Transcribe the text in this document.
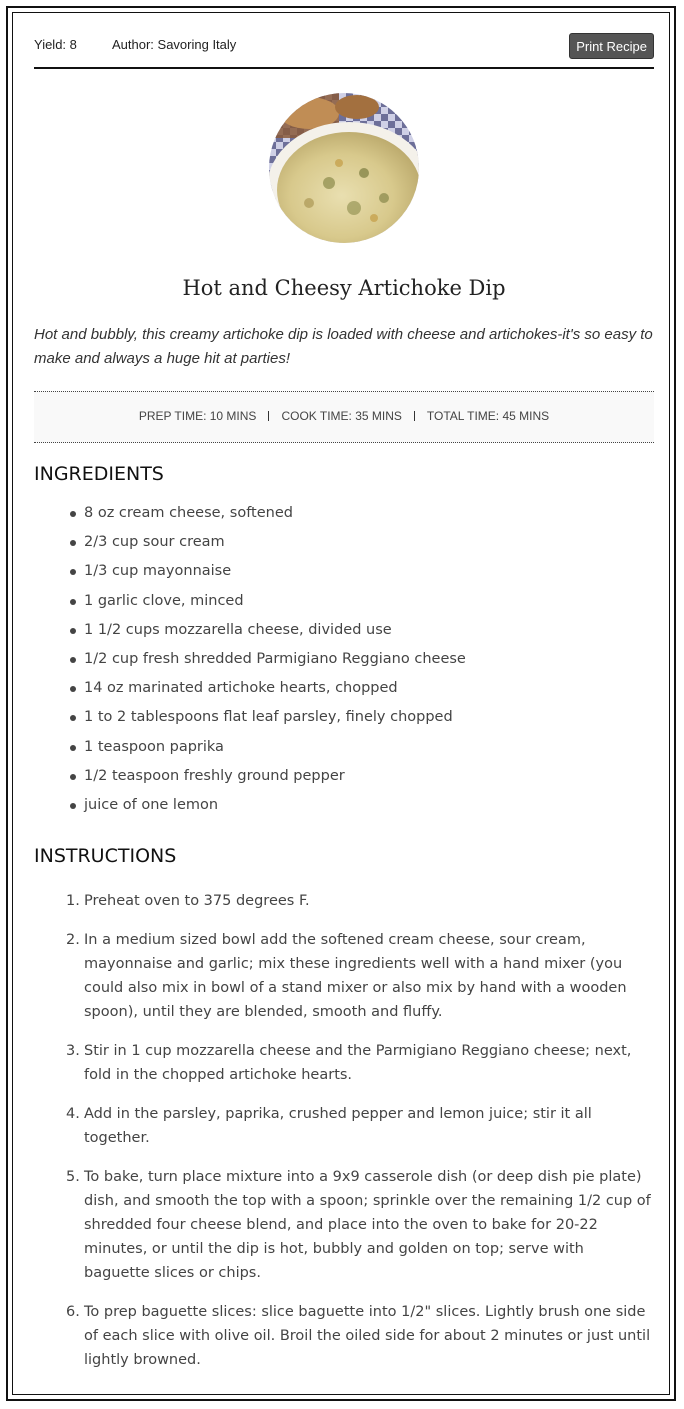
Yield: 8	Author: Savoring Italy	Print Recipe
Hot and Cheesy Artichoke Dip

Hot and bubbly, this creamy artichoke dip is loaded with cheese and artichokes-it's so easy to make and always a huge hit at parties!

PREP TIME: 10 MINS COOK TIME: 35 MINS TOTAL TIME: 45 MINS
INGREDIENTS
8 oz cream cheese, softened
2/3 cup sour cream
1/3 cup mayonnaise
1 garlic clove, minced
1 1/2 cups mozzarella cheese, divided use
1/2 cup fresh shredded Parmigiano Reggiano cheese
14 oz marinated artichoke hearts, chopped
1 to 2 tablespoons flat leaf parsley, finely chopped
1 teaspoon paprika
1/2 teaspoon freshly ground pepper
juice of one lemon
INSTRUCTIONS
1. Preheat oven to 375 degrees F.
2. In a medium sized bowl add the softened cream cheese, sour cream, mayonnaise and garlic; mix these ingredients well with a hand mixer (you could also mix in bowl of a stand mixer or also mix by hand with a wooden spoon), until they are blended, smooth and fluffy.
3. Stir in 1 cup mozzarella cheese and the Parmigiano Reggiano cheese; next, fold in the chopped artichoke hearts.
4. Add in the parsley, paprika, crushed pepper and lemon juice; stir it all together.
5. To bake, turn place mixture into a 9x9 casserole dish (or deep dish pie plate) dish, and smooth the top with a spoon; sprinkle over the remaining 1/2 cup of shredded four cheese blend, and place into the oven to bake for 20-22 minutes, or until the dip is hot, bubbly and golden on top; serve with baguette slices or chips.
6. To prep baguette slices: slice baguette into 1/2" slices. Lightly brush one side of each slice with olive oil. Broil the oiled side for about 2 minutes or just until lightly browned.
